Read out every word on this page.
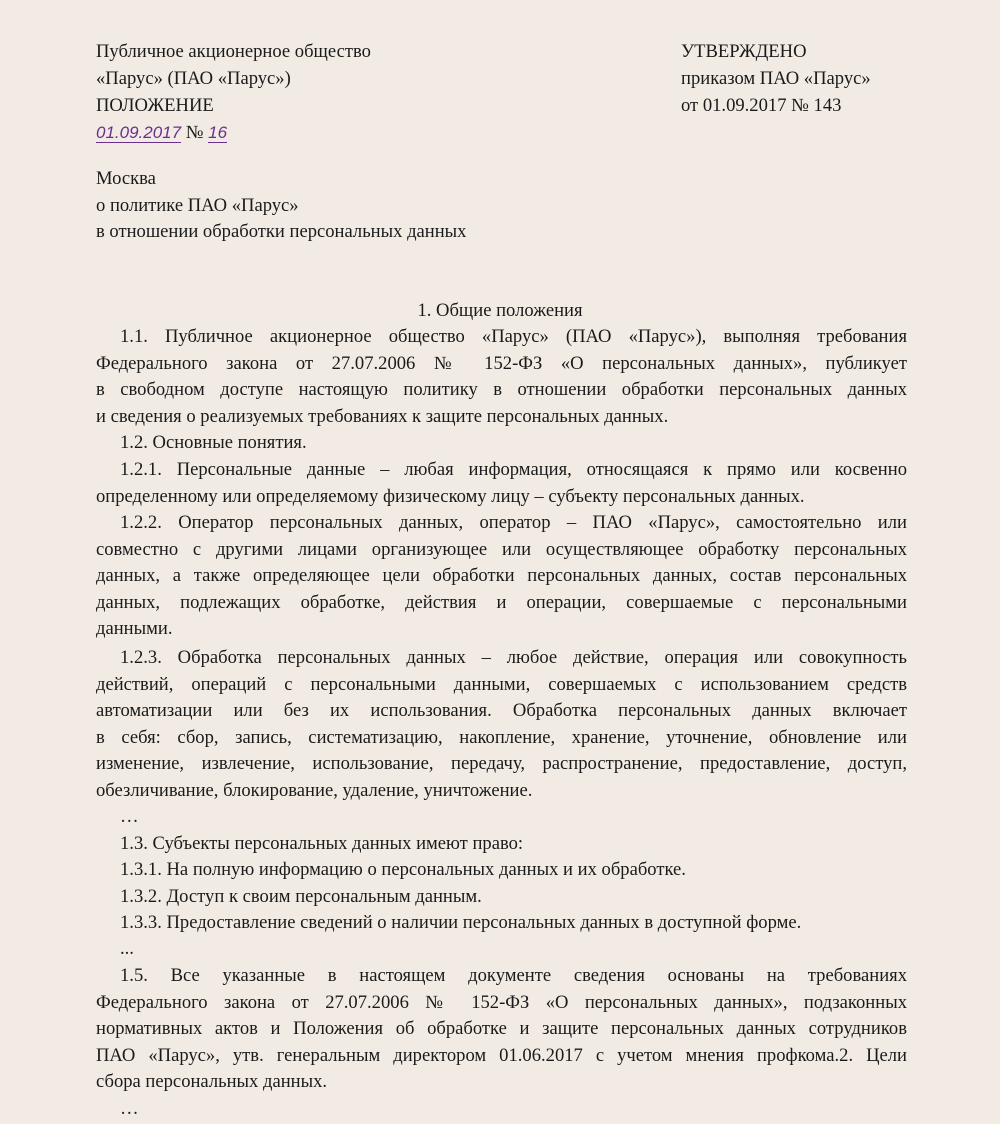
Публичное акционерное общество
«Парус» (ПАО «Парус»)
ПОЛОЖЕНИЕ
01.09.2017 № 16
УТВЕРЖДЕНО
приказом ПАО «Парус»
от 01.09.2017 № 143
Москва
о политике ПАО «Парус»
в отношении обработки персональных данных
1. Общие положения
1.1. Публичное акционерное общество «Парус» (ПАО «Парус»), выполняя требования
Федерального закона от 27.07.2006 № 152-ФЗ «О персональных данных», публикует
в свободном доступе настоящую политику в отношении обработки персональных данных
и сведения о реализуемых требованиях к защите персональных данных.
1.2. Основные понятия.
1.2.1. Персональные данные – любая информация, относящаяся к прямо или косвенно
определенному или определяемому физическому лицу – субъекту персональных данных.
1.2.2. Оператор персональных данных, оператор – ПАО «Парус», самостоятельно или
совместно с другими лицами организующее или осуществляющее обработку персональных
данных, а также определяющее цели обработки персональных данных, состав персональных
данных, подлежащих обработке, действия и операции, совершаемые с персональными
данными.
1.2.3. Обработка персональных данных – любое действие, операция или совокупность
действий, операций с персональными данными, совершаемых с использованием средств
автоматизации или без их использования. Обработка персональных данных включает
в себя: сбор, запись, систематизацию, накопление, хранение, уточнение, обновление или
изменение, извлечение, использование, передачу, распространение, предоставление, доступ,
обезличивание, блокирование, удаление, уничтожение.
…
1.3. Субъекты персональных данных имеют право:
1.3.1. На полную информацию о персональных данных и их обработке.
1.3.2. Доступ к своим персональным данным.
1.3.3. Предоставление сведений о наличии персональных данных в доступной форме.
...
1.5. Все указанные в настоящем документе сведения основаны на требованиях
Федерального закона от 27.07.2006 № 152-ФЗ «О персональных данных», подзаконных
нормативных актов и Положения об обработке и защите персональных данных сотрудников
ПАО «Парус», утв. генеральным директором 01.06.2017 с учетом мнения профкома.2. Цели
сбора персональных данных.
…
